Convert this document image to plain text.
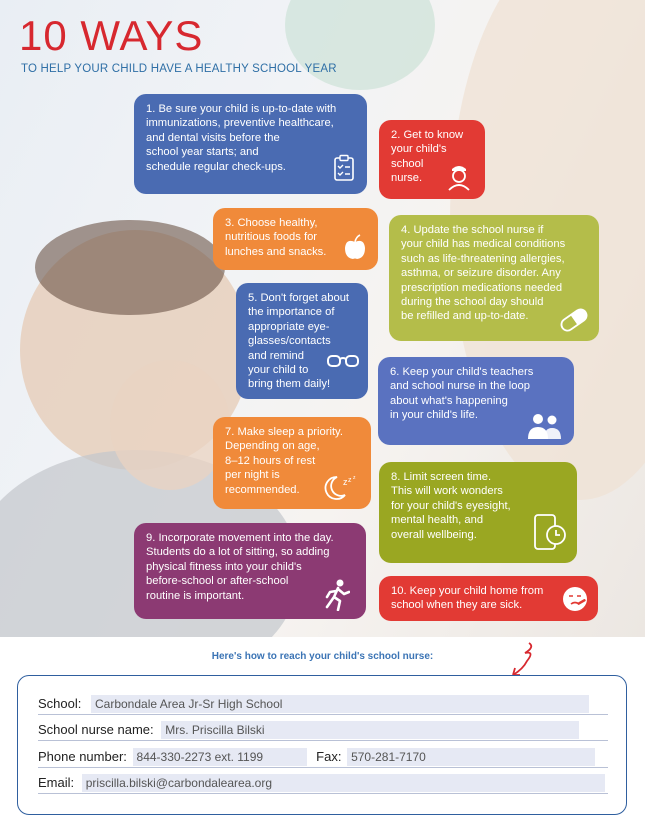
10 WAYS
TO HELP YOUR CHILD HAVE A HEALTHY SCHOOL YEAR
1. Be sure your child is up-to-date with
immunizations, preventive healthcare,
and dental visits before the
school year starts; and
schedule regular check-ups.
2. Get to know
your child's
school
nurse.
3. Choose healthy,
nutritious foods for
lunches and snacks.
4. Update the school nurse if
your child has medical conditions
such as life-threatening allergies,
asthma, or seizure disorder. Any
prescription medications needed
during the school day should
be refilled and up-to-date.
5. Don't forget about
the importance of
appropriate eye-
glasses/contacts
and remind
your child to
bring them daily!
6. Keep your child's teachers
and school nurse in the loop
about what's happening
in your child's life.
7. Make sleep a priority.
Depending on age,
8–12 hours of rest
per night is
recommended.
z z z	8. Limit screen time.
This will work wonders
for your child's eyesight,
mental health, and
overall wellbeing.
9. Incorporate movement into the day.
Students do a lot of sitting, so adding
physical fitness into your child's
before-school or after-school
routine is important.	10. Keep your child home from
school when they are sick.
Here's how to reach your child's school nurse:
School: Carbondale Area Jr-Sr High School
School nurse name: Mrs. Priscilla Bilski
Phone number: 844-330-2273 ext. 1199	Fax: 570-281-7170
Email: priscilla.bilski@carbondalearea.org
